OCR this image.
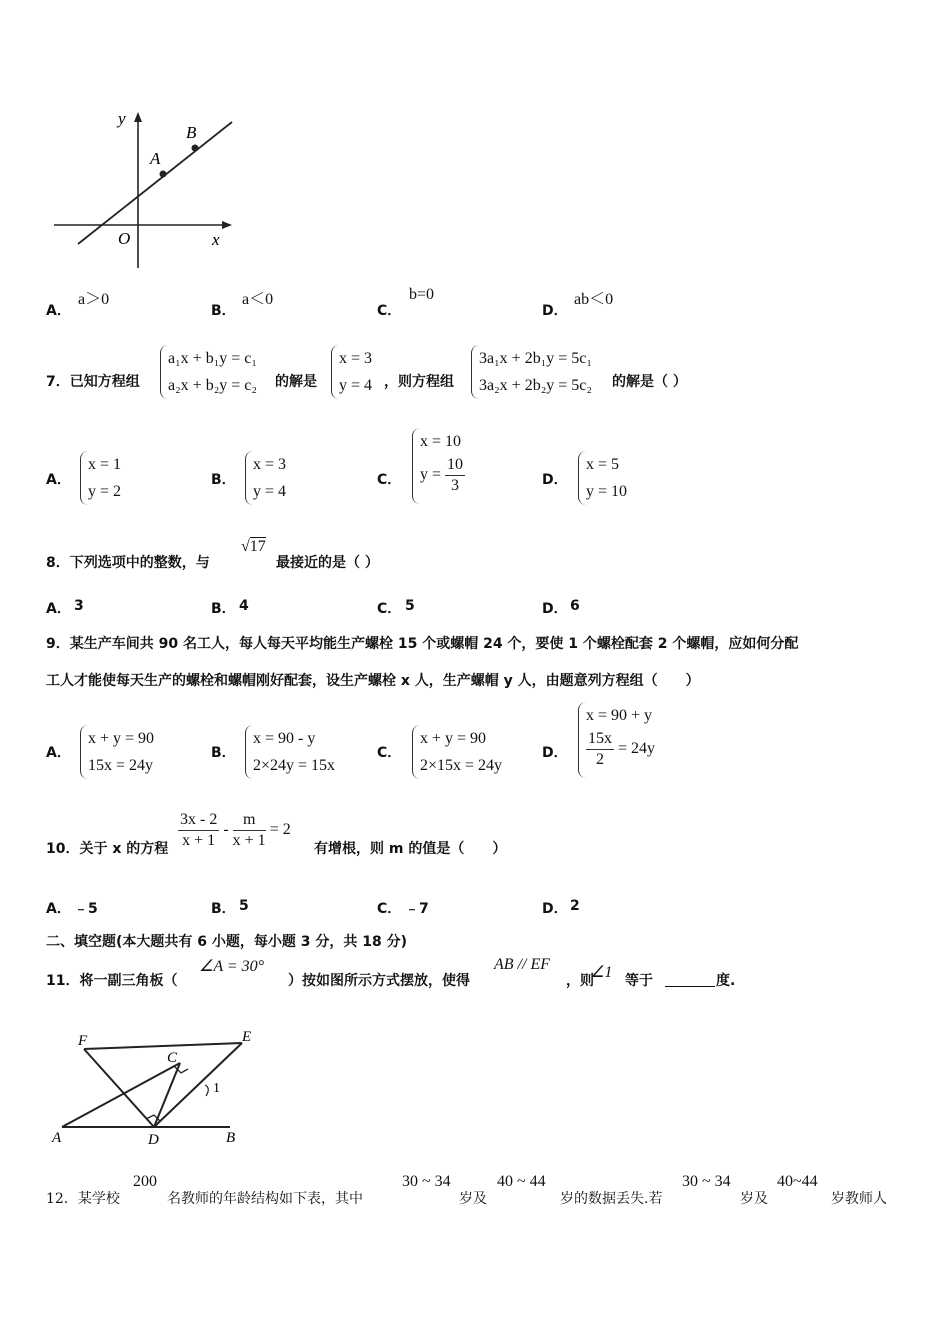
y
x
O
A
B
A．
a＞0
B．
a＜0
C．
b=0
D．
ab＜0
7．已知方程组
a₁x + b₁y = c₁
a₂x + b₂y = c₂ 的解是
x = 3
y = 4 ，则方程组
3a₁x + 2b₁y = 5c₁
3a₂x + 2b₂y = 5c₂ 的解是（ ）
A．
x = 1
y = 2
B．
x = 3
y = 4
C．
x = 10
$y = \frac{10}{3}$	D．
x = 5
y = 10
8．下列选项中的整数，与
√17
最接近的是（ ）
A． 3	B． 4	C． 5	D． 6
9．某生产车间共 90 名工人，每人每天平均能生产螺栓 15 个或螺帽 24 个，要使 1 个螺栓配套 2 个螺帽，应如何分配
工人才能使每天生产的螺栓和螺帽刚好配套，设生产螺栓 x 人，生产螺帽 y 人，由题意列方程组（　　）
A．
x + y = 90
15x = 24y
B．
x = 90 - y
2×24y = 15x
C．
x + y = 90
2×15x = 24y
D．
x = 90 + y
$\frac{15x}{2} = 24y$
10．关于 x 的方程 $\frac{3x - 2}{x + 1} - \frac{m}{x + 1} = 2$
有增根，则 m 的值是（　　）
A． ﹣5	B． 5	C． ﹣7	D． 2
二、填空题(本大题共有 6 小题，每小题 3 分，共 18 分)
11．将一副三角板（
∠A = 30°
）按如图所示方式摆放，使得
AB // EF
，则
∠1 等于	度.
F	E
C
1
A	D	B
12．某学校
200
名教师的年龄结构如下表，其中
30 ~ 34
岁及
40 ~ 44
岁的数据丢失.若
30 ~ 34
岁及
40~44
岁教师人
